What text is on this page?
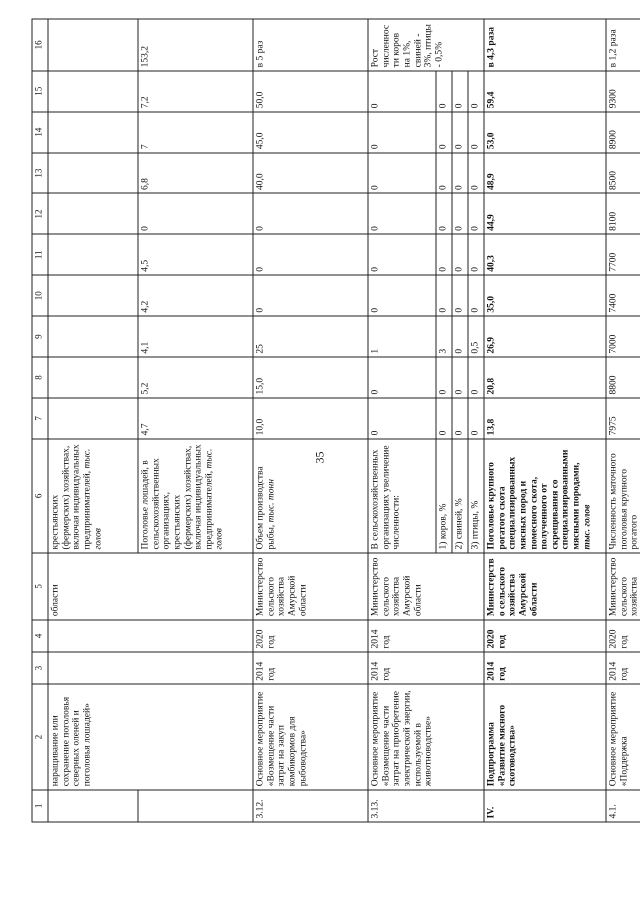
35
1	2	3	4	5	6	7	8	9	10	11	12	13	14	15	16
	наращивание или сохранение поголовья северных оленей и поголовья лошадей»			области	крестьянских (фермерских) хозяйствах, включая индивидуальных предпринимателей, тыс. голов										
					Поголовье лошадей, в сельскохозяйственных организациях, крестьянских (фермерских) хозяйствах, включая индивидуальных предпринимателей, тыс. голов	4,7	5,2	4,1	4,2	4,5	0	6,8	7	7,2	153,2
3.12.	Основное мероприятие «Возмещение части затрат на закуп комбикормов для рыбоводства»	2014 год	2020 год	Министерство сельского хозяйства Амурской области	Объем производства рыбы, тыс. тонн	10,0	15,0	25	0	0	0	40,0	45,0	50,0	в 5 раз
3.13.	Основное мероприятие «Возмещение части затрат на приобретение электрической энергии, используемой в животноводстве»	2014 год	2014 год	Министерство сельского хозяйства Амурской области	В сельскохозяйственных организациях увеличение численности:	0	0	1	0	0	0	0	0	0	Рост численности коров на 1%, свиней - 3%, птицы - 0,5%
					1) коров, %	0	0	3	0	0	0	0	0	0	
					2) свиней, %	0	0	0	0	0	0	0	0	0	
					3) птицы, %	0	0	0,5	0	0	0	0	0	0	
IV.	Подпрограмма «Развитие мясного скотоводства»	2014 год	2020 год	Министерство сельского хозяйства Амурской области	Поголовье крупного рогатого скота специализированных мясных пород и помесного скота, полученного от скрещивания со специализированными мясными породами, тыс. голов	13,8	20,8	26,9	35,0	40,3	44,9	48,9	53,0	59,4	в 4,3 раза
4.1.	Основное мероприятие «Поддержка	2014 год	2020 год	Министерство сельского хозяйства	Численность маточного поголовья крупного рогатого	7975	8800	7000	7400	7700	8100	8500	8900	9300	в 1,2 раза
